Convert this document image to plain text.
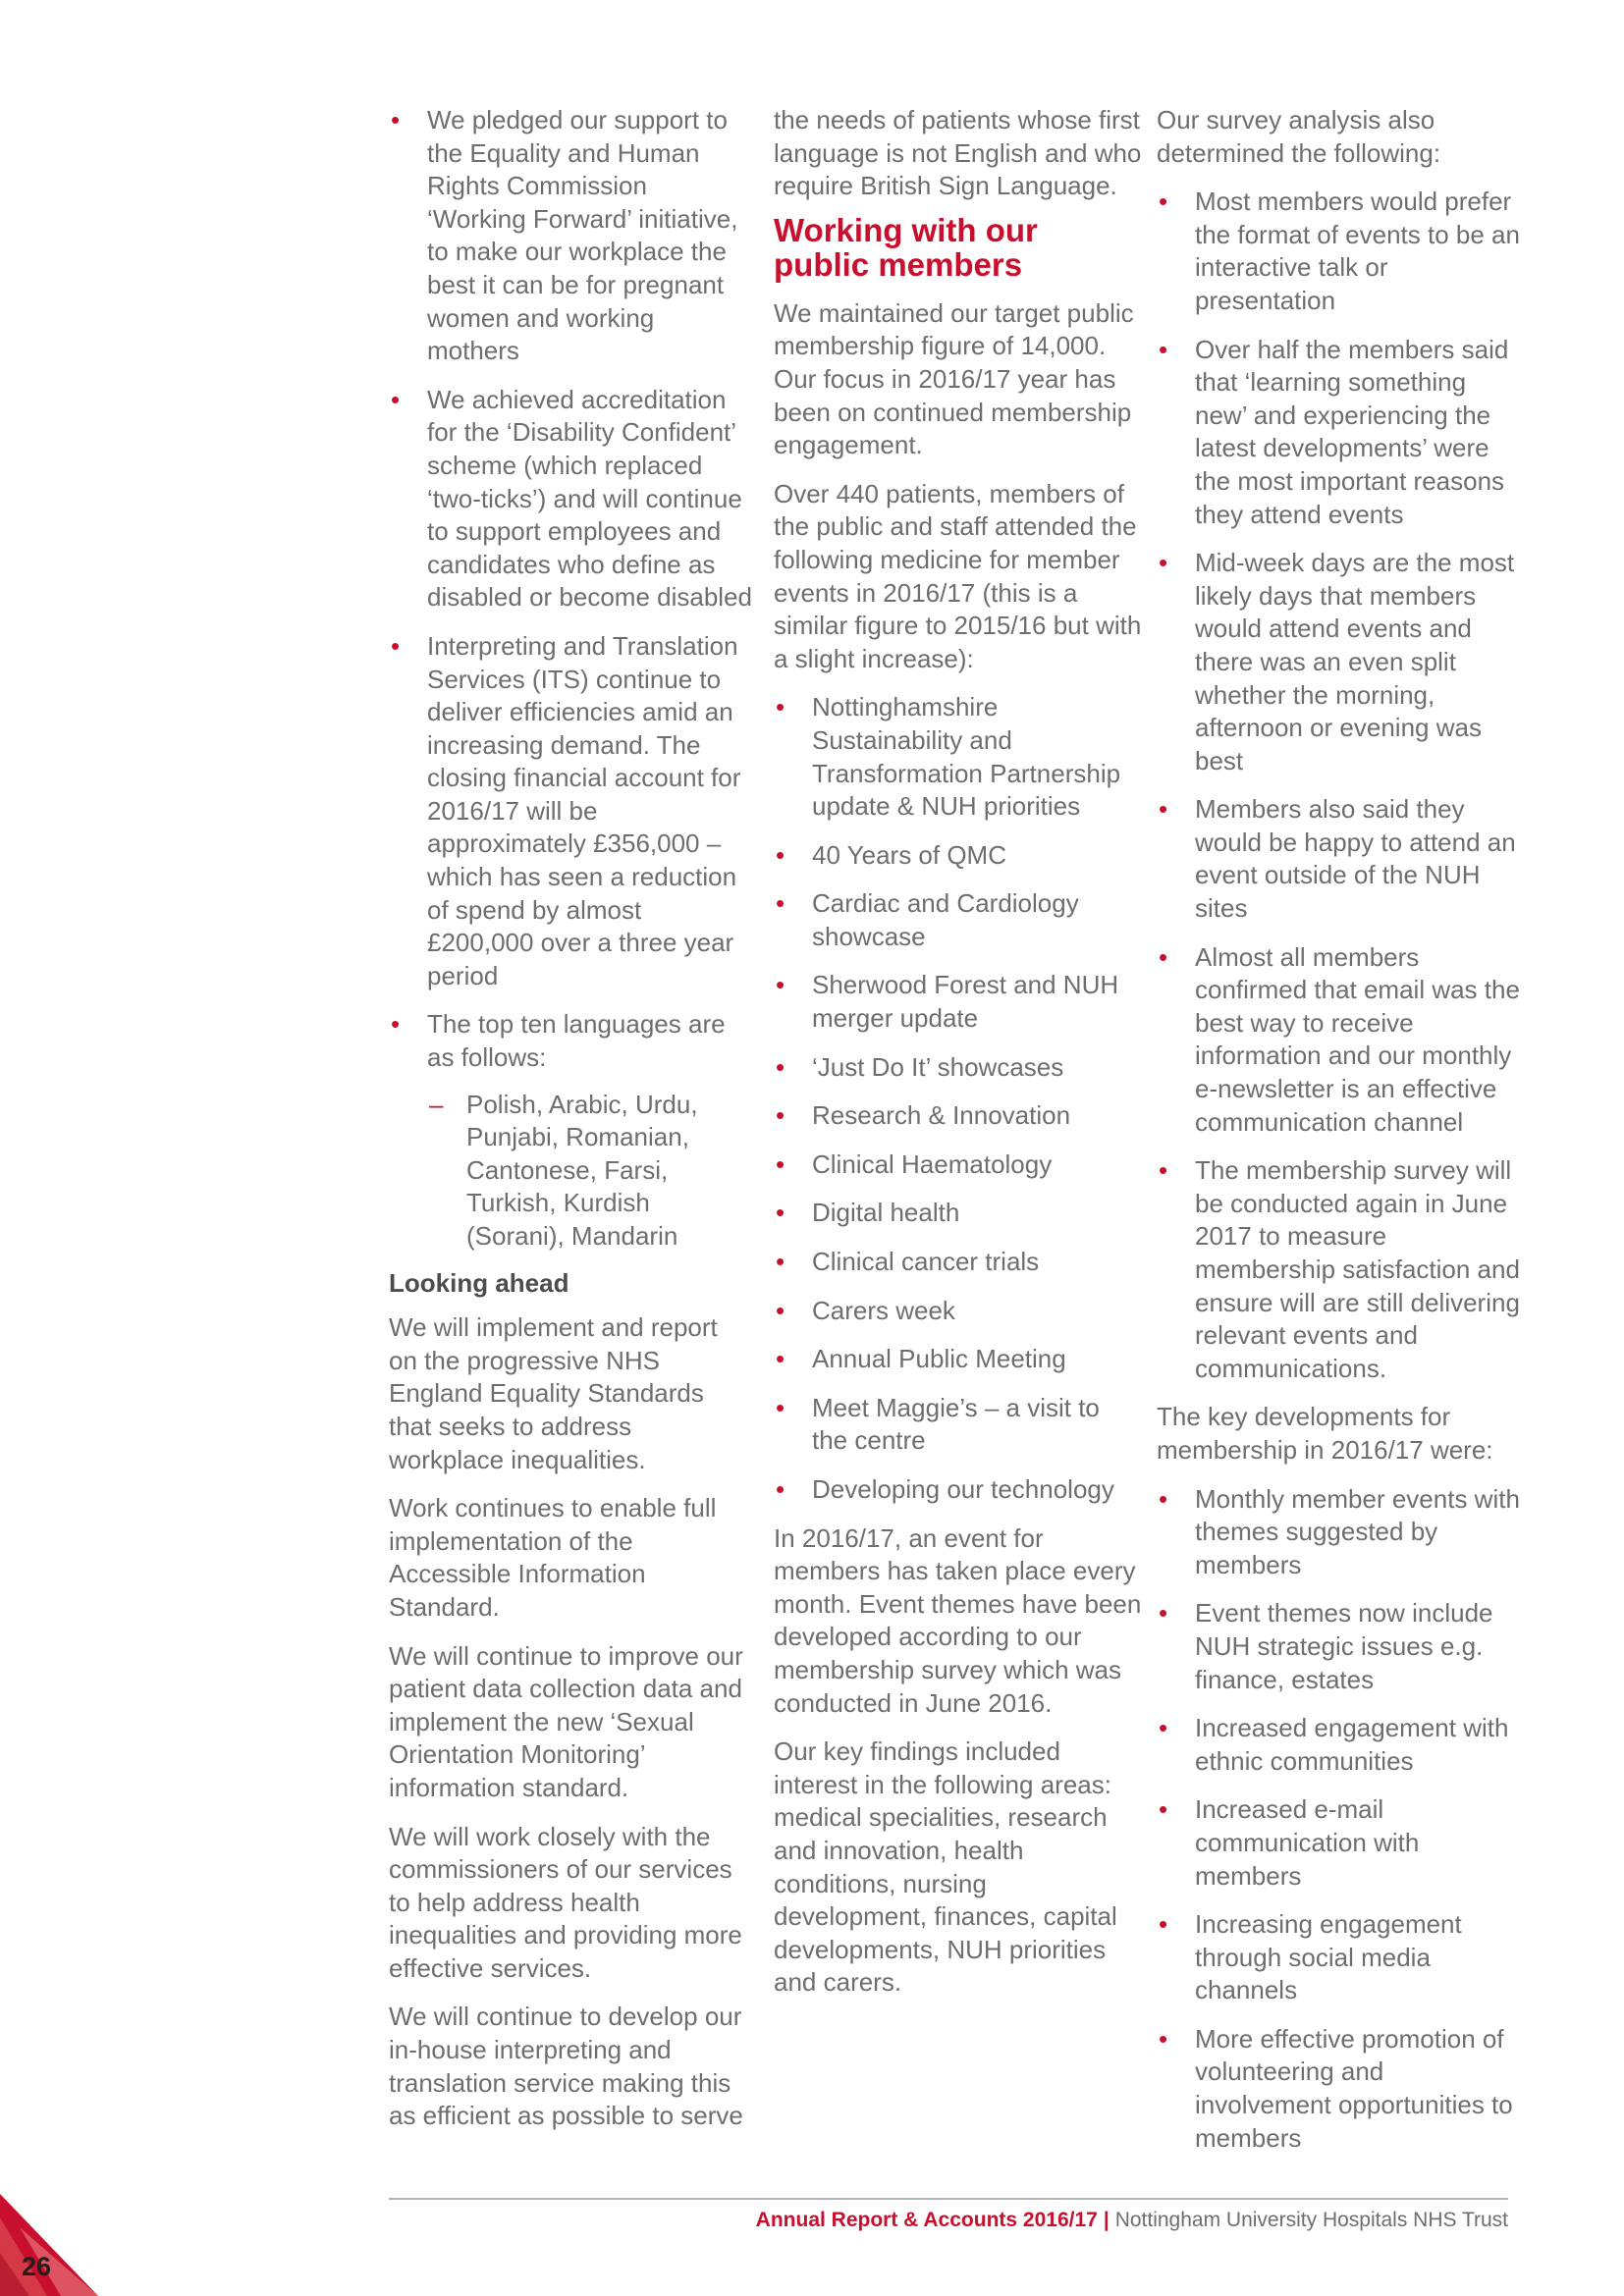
• We pledged our support to the Equality and Human Rights Commission ‘Working Forward’ initiative, to make our workplace the best it can be for pregnant women and working mothers
• We achieved accreditation for the ‘Disability Confident’ scheme (which replaced ‘two-ticks’) and will continue to support employees and candidates who define as disabled or become disabled
• Interpreting and Translation Services (ITS) continue to deliver efficiencies amid an increasing demand. The closing financial account for 2016/17 will be approximately £356,000 – which has seen a reduction of spend by almost £200,000 over a three year period
• The top ten languages are as follows:
– Polish, Arabic, Urdu, Punjabi, Romanian, Cantonese, Farsi, Turkish, Kurdish (Sorani), Mandarin
Looking ahead

We will implement and report on the progressive NHS England Equality Standards that seeks to address workplace inequalities.

Work continues to enable full implementation of the Accessible Information Standard.

We will continue to improve our patient data collection data and implement the new ‘Sexual Orientation Monitoring’ information standard.

We will work closely with the commissioners of our services to help address health inequalities and providing more effective services.

We will continue to develop our in-house interpreting and translation service making this as efficient as possible to serve

the needs of patients whose first language is not English and who require British Sign Language.

Working with our public members

We maintained our target public membership figure of 14,000. Our focus in 2016/17 year has been on continued membership engagement.

Over 440 patients, members of the public and staff attended the following medicine for member events in 2016/17 (this is a similar figure to 2015/16 but with a slight increase):

• Nottinghamshire Sustainability and Transformation Partnership update & NUH priorities
• 40 Years of QMC
• Cardiac and Cardiology showcase
• Sherwood Forest and NUH merger update
• ‘Just Do It’ showcases
• Research & Innovation
• Clinical Haematology
• Digital health
• Clinical cancer trials
• Carers week
• Annual Public Meeting
• Meet Maggie’s – a visit to the centre
• Developing our technology

In 2016/17, an event for members has taken place every month. Event themes have been developed according to our membership survey which was conducted in June 2016.

Our key findings included interest in the following areas: medical specialities, research and innovation, health conditions, nursing development, finances, capital developments, NUH priorities and carers.

Our survey analysis also determined the following:

• Most members would prefer the format of events to be an interactive talk or presentation
• Over half the members said that ‘learning something new’ and experiencing the latest developments’ were the most important reasons they attend events
• Mid-week days are the most likely days that members would attend events and there was an even split whether the morning, afternoon or evening was best
• Members also said they would be happy to attend an event outside of the NUH sites
• Almost all members confirmed that email was the best way to receive information and our monthly e-newsletter is an effective communication channel
• The membership survey will be conducted again in June 2017 to measure membership satisfaction and ensure will are still delivering relevant events and communications.

The key developments for membership in 2016/17 were:

• Monthly member events with themes suggested by members
• Event themes now include NUH strategic issues e.g. finance, estates
• Increased engagement with ethnic communities
• Increased e-mail communication with members
• Increasing engagement through social media channels
• More effective promotion of volunteering and involvement opportunities to members
Annual Report & Accounts 2016/17 | Nottingham University Hospitals NHS Trust
26
